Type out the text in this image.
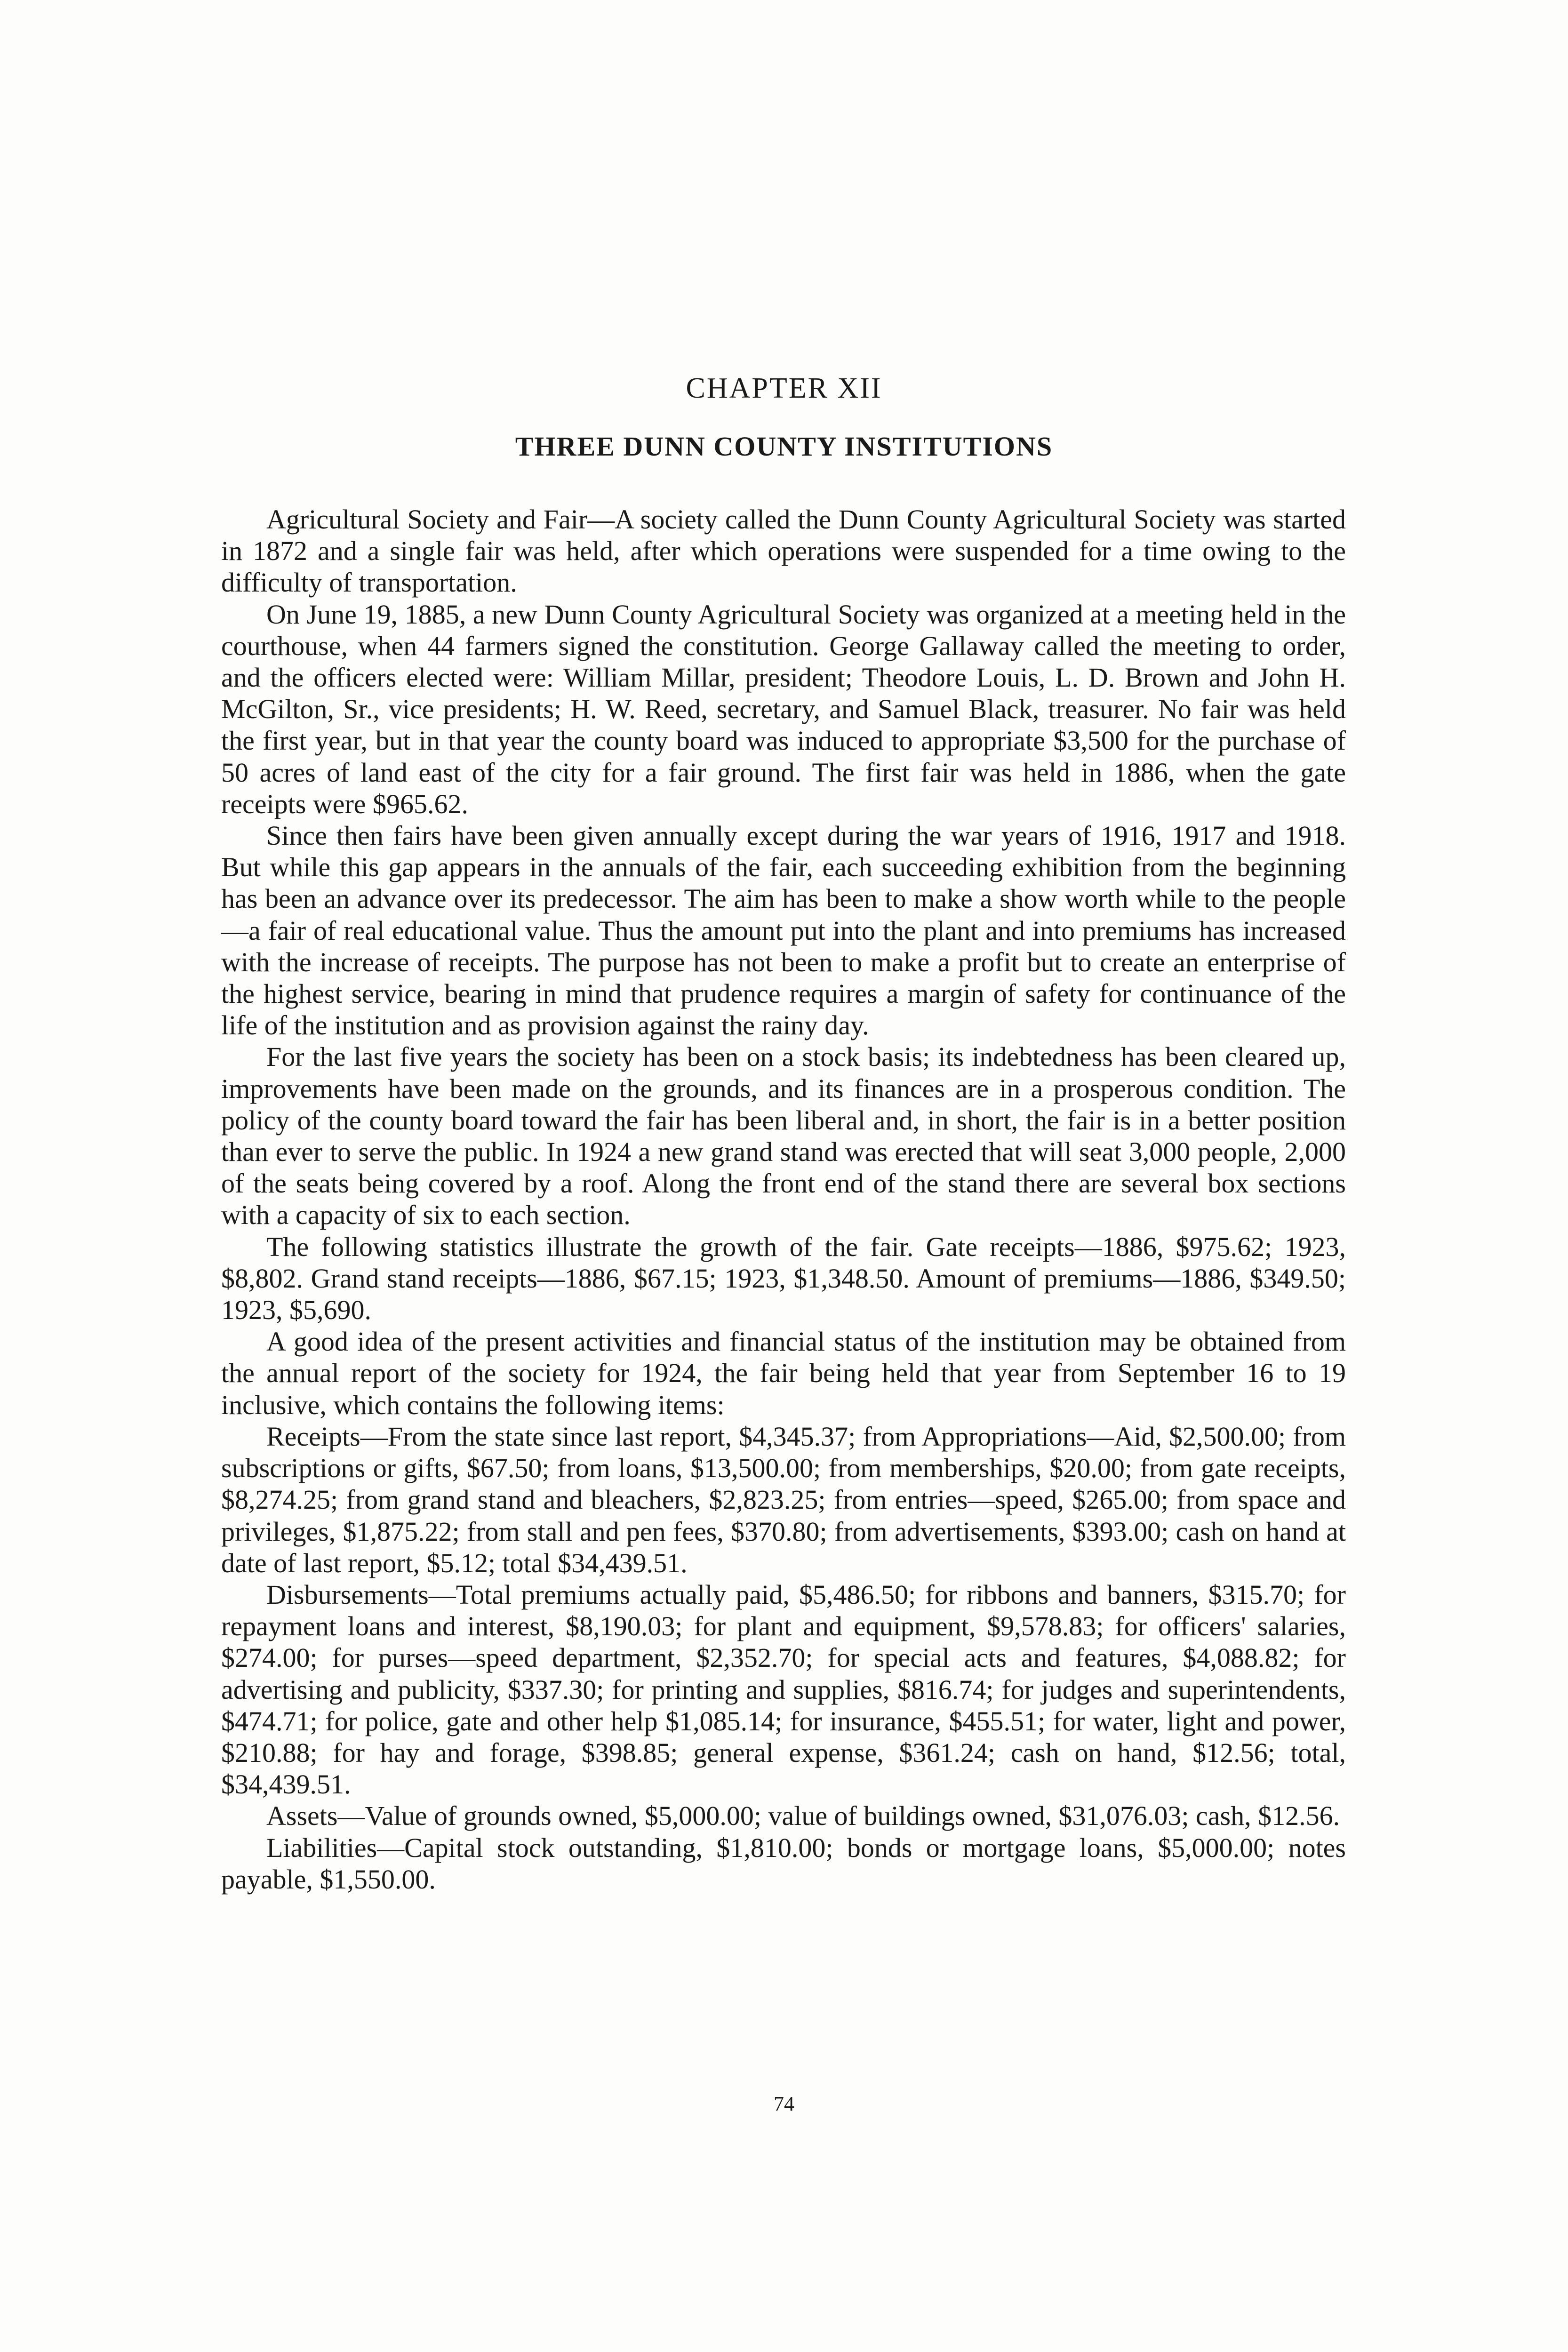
CHAPTER XII
THREE DUNN COUNTY INSTITUTIONS

Agricultural Society and Fair—A society called the Dunn County Agricultural Society was started in 1872 and a single fair was held, after which operations were suspended for a time owing to the difficulty of transportation.

On June 19, 1885, a new Dunn County Agricultural Society was organized at a meeting held in the courthouse, when 44 farmers signed the constitution. George Gallaway called the meeting to order, and the officers elected were: William Millar, president; Theodore Louis, L. D. Brown and John H. McGilton, Sr., vice presidents; H. W. Reed, secretary, and Samuel Black, treasurer. No fair was held the first year, but in that year the county board was induced to appropriate $3,500 for the purchase of 50 acres of land east of the city for a fair ground. The first fair was held in 1886, when the gate receipts were $965.62.

Since then fairs have been given annually except during the war years of 1916, 1917 and 1918. But while this gap appears in the annuals of the fair, each succeeding exhibition from the beginning has been an advance over its predecessor. The aim has been to make a show worth while to the people—a fair of real educational value. Thus the amount put into the plant and into premiums has increased with the increase of receipts. The purpose has not been to make a profit but to create an enterprise of the highest service, bearing in mind that prudence requires a margin of safety for continuance of the life of the institution and as provision against the rainy day.

For the last five years the society has been on a stock basis; its indebtedness has been cleared up, improvements have been made on the grounds, and its finances are in a prosperous condition. The policy of the county board toward the fair has been liberal and, in short, the fair is in a better position than ever to serve the public. In 1924 a new grand stand was erected that will seat 3,000 people, 2,000 of the seats being covered by a roof. Along the front end of the stand there are several box sections with a capacity of six to each section.

The following statistics illustrate the growth of the fair. Gate receipts—1886, $975.62; 1923, $8,802. Grand stand receipts—1886, $67.15; 1923, $1,348.50. Amount of premiums—1886, $349.50; 1923, $5,690.

A good idea of the present activities and financial status of the institution may be obtained from the annual report of the society for 1924, the fair being held that year from September 16 to 19 inclusive, which contains the following items:

Receipts—From the state since last report, $4,345.37; from Appropriations—Aid, $2,500.00; from subscriptions or gifts, $67.50; from loans, $13,500.00; from memberships, $20.00; from gate receipts, $8,274.25; from grand stand and bleachers, $2,823.25; from entries—speed, $265.00; from space and privileges, $1,875.22; from stall and pen fees, $370.80; from advertisements, $393.00; cash on hand at date of last report, $5.12; total $34,439.51.

Disbursements—Total premiums actually paid, $5,486.50; for ribbons and banners, $315.70; for repayment loans and interest, $8,190.03; for plant and equipment, $9,578.83; for officers' salaries, $274.00; for purses—speed department, $2,352.70; for special acts and features, $4,088.82; for advertising and publicity, $337.30; for printing and supplies, $816.74; for judges and superintendents, $474.71; for police, gate and other help $1,085.14; for insurance, $455.51; for water, light and power, $210.88; for hay and forage, $398.85; general expense, $361.24; cash on hand, $12.56; total, $34,439.51.

Assets—Value of grounds owned, $5,000.00; value of buildings owned, $31,076.03; cash, $12.56.

Liabilities—Capital stock outstanding, $1,810.00; bonds or mortgage loans, $5,000.00; notes payable, $1,550.00.

74
